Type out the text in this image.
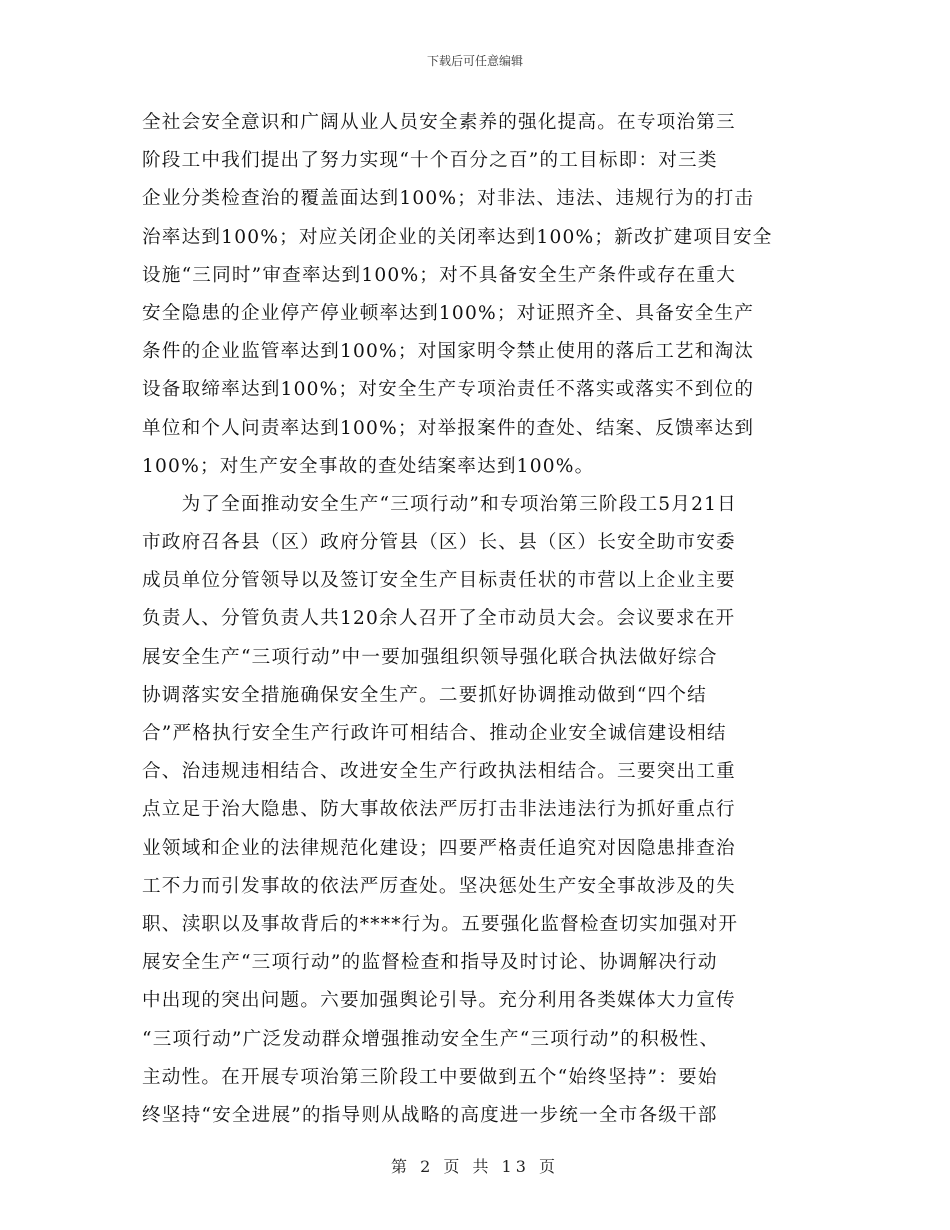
下载后可任意编辑
全社会安全意识和广阔从业人员安全素养的强化提高。在专项治第三
阶段工中我们提出了努力实现“十个百分之百”的工目标即：对三类
企业分类检查治的覆盖面达到100%；对非法、违法、违规行为的打击
治率达到100%；对应关闭企业的关闭率达到100%；新改扩建项目安全
设施“三同时”审查率达到100%；对不具备安全生产条件或存在重大
安全隐患的企业停产停业顿率达到100%；对证照齐全、具备安全生产
条件的企业监管率达到100%；对国家明令禁止使用的落后工艺和淘汰
设备取缔率达到100%；对安全生产专项治责任不落实或落实不到位的
单位和个人问责率达到100%；对举报案件的查处、结案、反馈率达到
100%；对生产安全事故的查处结案率达到100%。
　　为了全面推动安全生产“三项行动”和专项治第三阶段工5月21日
市政府召各县（区）政府分管县（区）长、县（区）长安全助市安委
成员单位分管领导以及签订安全生产目标责任状的市营以上企业主要
负责人、分管负责人共120余人召开了全市动员大会。会议要求在开
展安全生产“三项行动”中一要加强组织领导强化联合执法做好综合
协调落实安全措施确保安全生产。二要抓好协调推动做到“四个结
合”严格执行安全生产行政许可相结合、推动企业安全诚信建设相结
合、治违规违相结合、改进安全生产行政执法相结合。三要突出工重
点立足于治大隐患、防大事故依法严厉打击非法违法行为抓好重点行
业领域和企业的法律规范化建设；四要严格责任追究对因隐患排查治
工不力而引发事故的依法严厉查处。坚决惩处生产安全事故涉及的失
职、渎职以及事故背后的****行为。五要强化监督检查切实加强对开
展安全生产“三项行动”的监督检查和指导及时讨论、协调解决行动
中出现的突出问题。六要加强舆论引导。充分利用各类媒体大力宣传
“三项行动”广泛发动群众增强推动安全生产“三项行动”的积极性、
主动性。在开展专项治第三阶段工中要做到五个“始终坚持”：要始
终坚持“安全进展”的指导则从战略的高度进一步统一全市各级干部
第 2 页 共 13 页
